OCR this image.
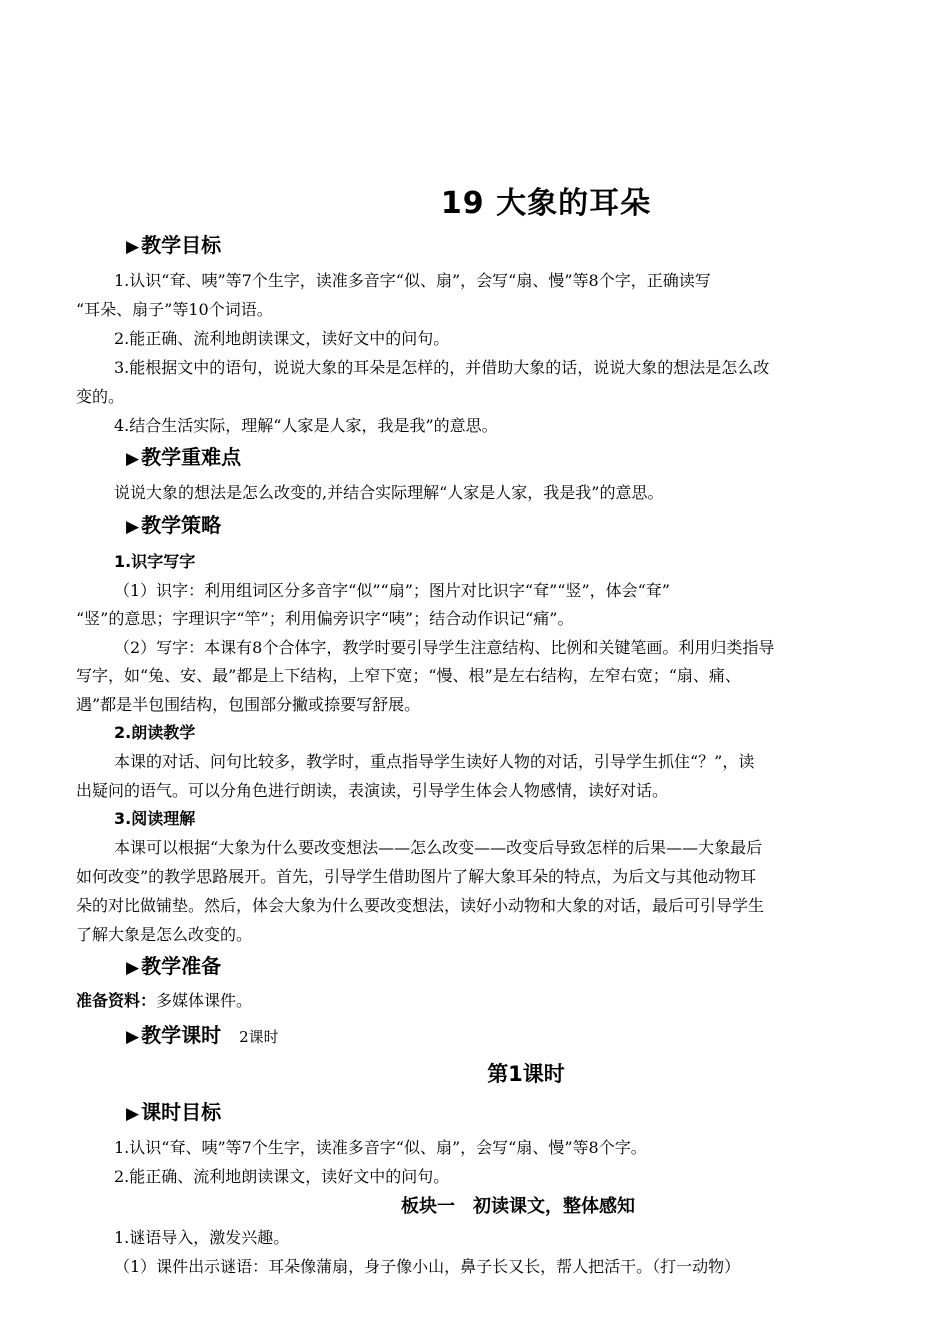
19 大象的耳朵
▶ 教学目标
1.认识“耷、咦”等7个生字，读准多音字“似、扇”，会写“扇、慢”等8个字，正确读写
“耳朵、扇子”等10个词语。
2.能正确、流利地朗读课文，读好文中的问句。
3.能根据文中的语句，说说大象的耳朵是怎样的，并借助大象的话，说说大象的想法是怎么改
变的。
4.结合生活实际，理解“人家是人家，我是我”的意思。
▶ 教学重难点
说说大象的想法是怎么改变的,并结合实际理解“人家是人家，我是我”的意思。
▶ 教学策略
1.识字写字
（1）识字：利用组词区分多音字“似”“扇”；图片对比识字“耷”“竖”，体会“耷”
“竖”的意思；字理识字“竿”；利用偏旁识字“咦”；结合动作识记“痛”。
（2）写字：本课有8个合体字，教学时要引导学生注意结构、比例和关键笔画。利用归类指导
写字，如“兔、安、最”都是上下结构，上窄下宽；“慢、根”是左右结构，左窄右宽；“扇、痛、
遇”都是半包围结构，包围部分撇或捺要写舒展。
2.朗读教学
本课的对话、问句比较多，教学时，重点指导学生读好人物的对话，引导学生抓住“？”，读
出疑问的语气。可以分角色进行朗读，表演读，引导学生体会人物感情，读好对话。
3.阅读理解
本课可以根据“大象为什么要改变想法——怎么改变——改变后导致怎样的后果——大象最后
如何改变”的教学思路展开。首先，引导学生借助图片了解大象耳朵的特点，为后文与其他动物耳
朵的对比做铺垫。然后，体会大象为什么要改变想法，读好小动物和大象的对话，最后可引导学生
了解大象是怎么改变的。
▶ 教学准备
准备资料：多媒体课件。
▶ 教学课时 2课时
第1课时
▶ 课时目标
1.认识“耷、咦”等7个生字，读准多音字“似、扇”，会写“扇、慢”等8个字。
2.能正确、流利地朗读课文，读好文中的问句。
板块一　初读课文，整体感知
1.谜语导入，激发兴趣。
（1）课件出示谜语：耳朵像蒲扇，身子像小山，鼻子长又长，帮人把活干。（打一动物）
